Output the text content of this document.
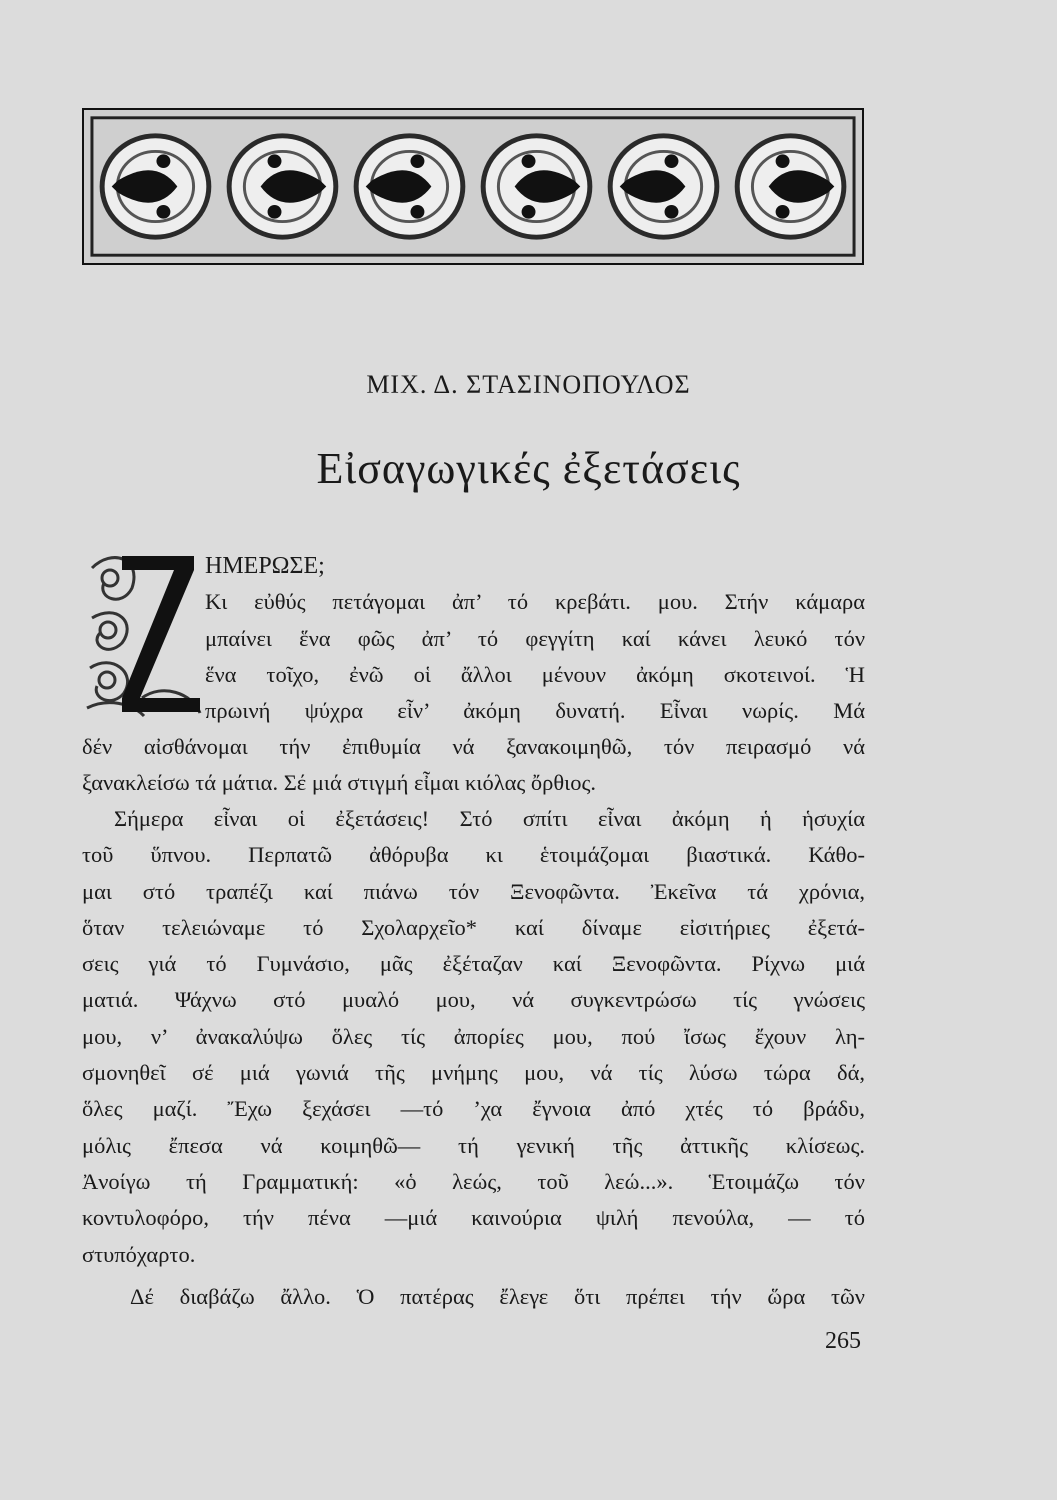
ΜΙΧ. Δ. ΣΤΑΣΙΝΟΠΟΥΛΟΣ
Εἰσαγωγικές ἐξετάσεις
ΗΜΕΡΩΣΕ;
Κι εὐθύς πετάγομαι ἀπ’ τό κρεβάτι. μου. Στήν κάμαρα
μπαίνει ἕνα φῶς ἀπ’ τό φεγγίτη καί κάνει λευκό τόν
ἕνα τοῖχο, ἐνῶ οἱ ἄλλοι μένουν ἀκόμη σκοτεινοί. Ἡ
πρωινή ψύχρα εἶν’ ἀκόμη δυνατή. Εἶναι νωρίς. Μά
δέν αἰσθάνομαι τήν ἐπιθυμία νά ξανακοιμηθῶ, τόν πειρασμό νά
ξανακλείσω τά μάτια. Σέ μιά στιγμή εἶμαι κιόλας ὄρθιος.
Σήμερα εἶναι οἱ ἐξετάσεις! Στό σπίτι εἶναι ἀκόμη ἡ ἡσυχία
τοῦ ὕπνου. Περπατῶ ἀθόρυβα κι ἑτοιμάζομαι βιαστικά. Κάθο-
μαι στό τραπέζι καί πιάνω τόν Ξενοφῶντα. Ἐκεῖνα τά χρόνια,
ὅταν τελειώναμε τό Σχολαρχεῖο* καί δίναμε εἰσιτήριες ἐξετά-
σεις γιά τό Γυμνάσιο, μᾶς ἐξέταζαν καί Ξενοφῶντα. Ρίχνω μιά
ματιά. Ψάχνω στό μυαλό μου, νά συγκεντρώσω τίς γνώσεις
μου, ν’ ἀνακαλύψω ὅλες τίς ἀπορίες μου, πού ἴσως ἔχουν λη-
σμονηθεῖ σέ μιά γωνιά τῆς μνήμης μου, νά τίς λύσω τώρα δά,
ὅλες μαζί. Ἔχω ξεχάσει —τό ’χα ἔγνοια ἀπό χτές τό βράδυ,
μόλις ἔπεσα νά κοιμηθῶ— τή γενική τῆς ἀττικῆς κλίσεως.
Ἀνοίγω τή Γραμματική: «ὁ λεώς, τοῦ λεώ...». Ἑτοιμάζω τόν
κοντυλοφόρο, τήν πένα —μιά καινούρια ψιλή πενούλα, — τό
στυπόχαρτο.
Δέ διαβάζω ἄλλο. Ὁ πατέρας ἔλεγε ὅτι πρέπει τήν ὥρα τῶν
265
